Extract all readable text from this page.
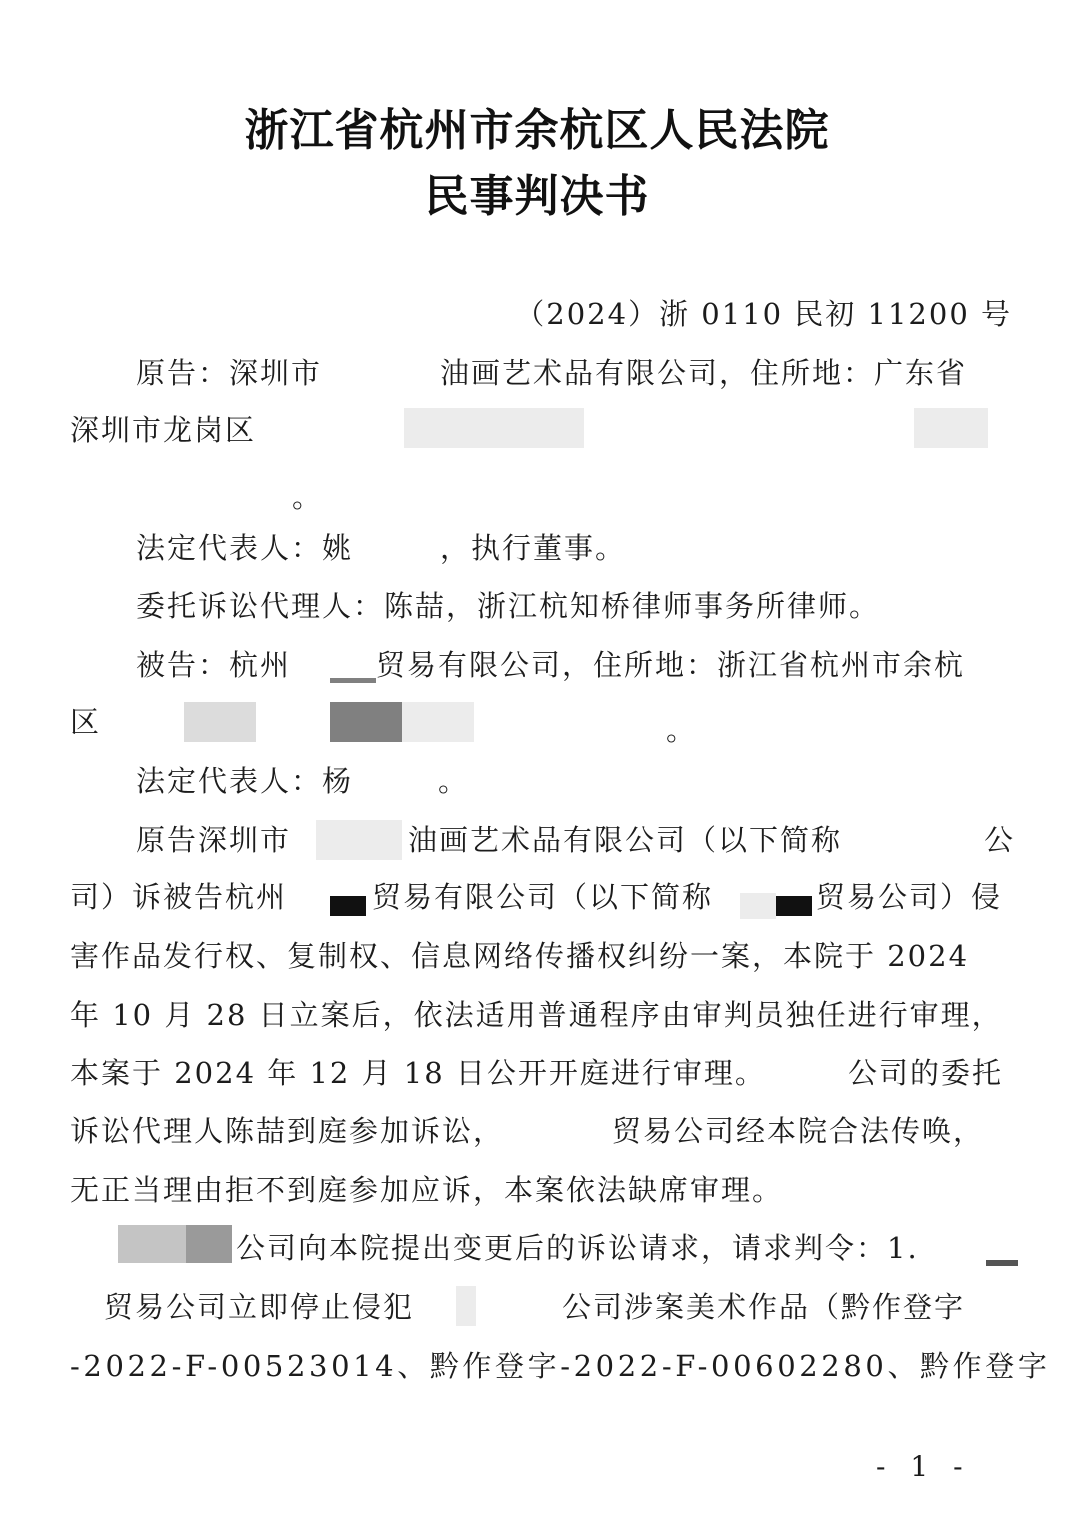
浙江省杭州市余杭区人民法院
民事判决书
（2024）浙 0110 民初 11200 号
原告：深圳市	油画艺术品有限公司，住所地：广东省
深圳市龙岗区
。
法定代表人：姚	，执行董事。
委托诉讼代理人：陈喆，浙江杭知桥律师事务所律师。
被告：杭州	贸易有限公司，住所地：浙江省杭州市余杭
区	。
法定代表人：杨	。
原告深圳市	油画艺术品有限公司（以下简称	公
司）诉被告杭州	贸易有限公司（以下简称	贸易公司）侵
害作品发行权、复制权、信息网络传播权纠纷一案，本院于 2024
年 10 月 28 日立案后，依法适用普通程序由审判员独任进行审理，
本案于 2024 年 12 月 18 日公开开庭进行审理。	公司的委托
诉讼代理人陈喆到庭参加诉讼，	贸易公司经本院合法传唤，
无正当理由拒不到庭参加应诉，本案依法缺席审理。
公司向本院提出变更后的诉讼请求，请求判令：1.
贸易公司立即停止侵犯	公司涉案美术作品（黔作登字
-2022-F-00523014、黔作登字-2022-F-00602280、黔作登字
- 1 -
